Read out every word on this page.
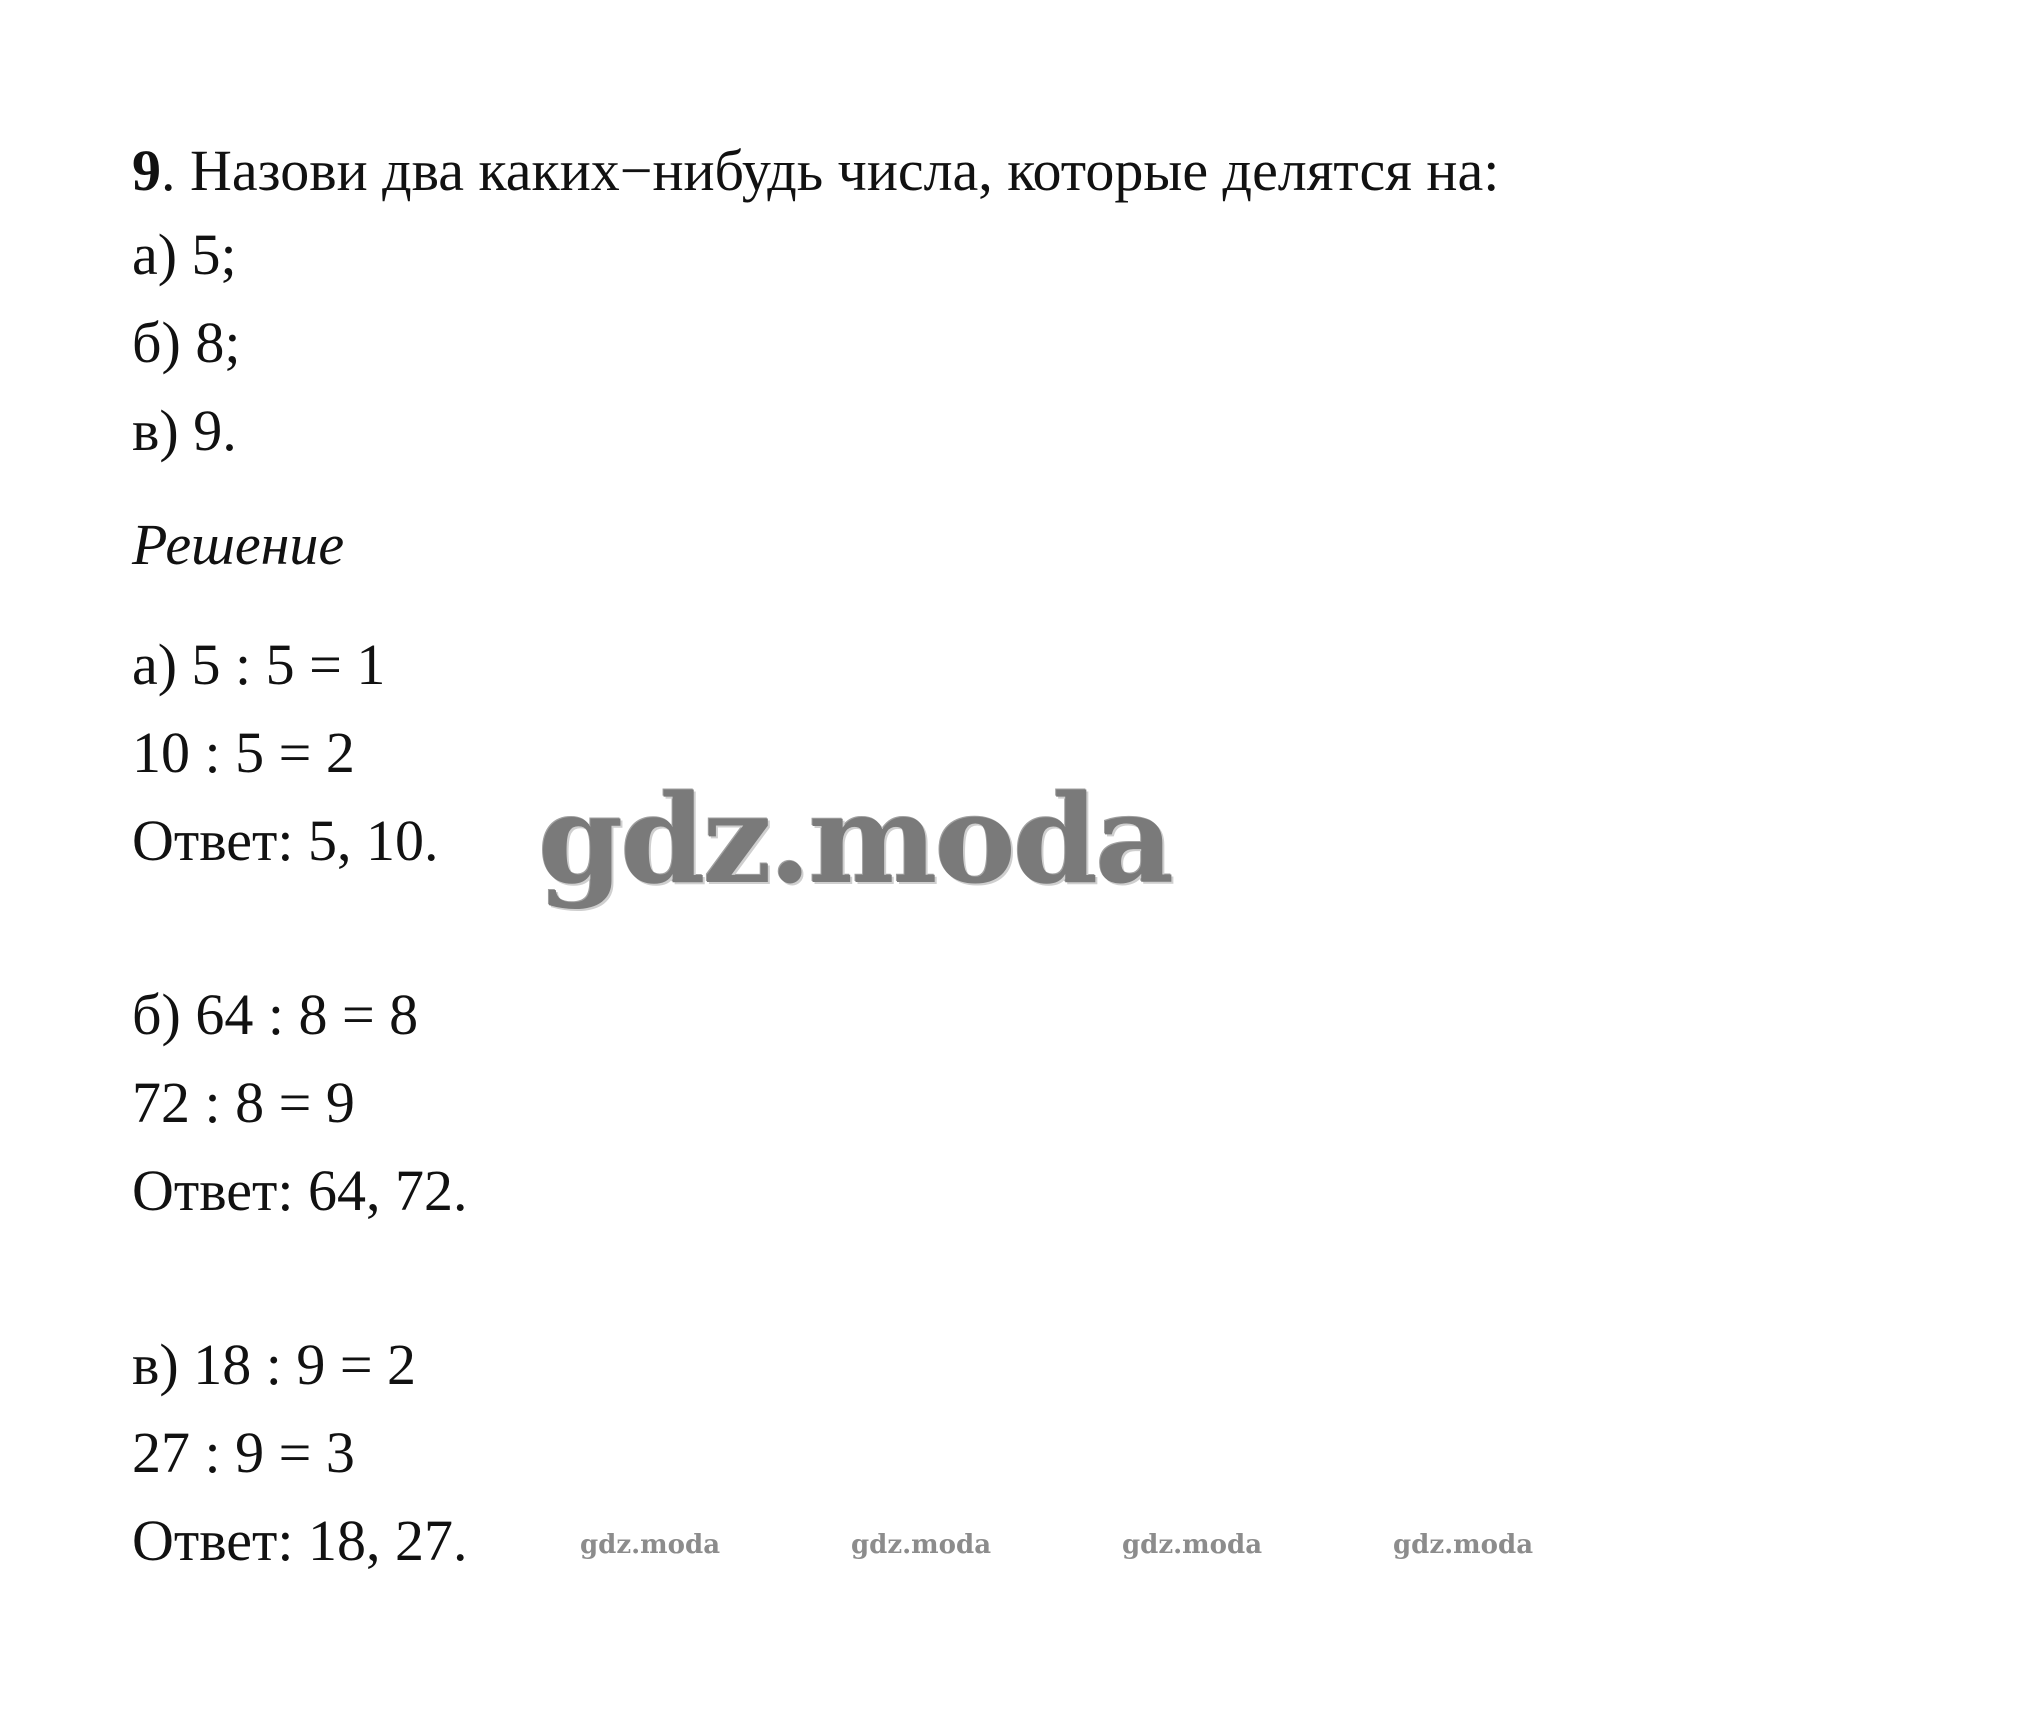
9. Назови два каких−нибудь числа, которые делятся на:
а) 5;
б) 8;
в) 9.
Решение
а) 5 : 5 = 1
10 : 5 = 2
Ответ: 5, 10.
б) 64 : 8 = 8
72 : 8 = 9
Ответ: 64, 72.
в) 18 : 9 = 2
27 : 9 = 3
Ответ: 18, 27.
gdz.moda
gdz.moda	gdz.moda	gdz.moda	gdz.moda
